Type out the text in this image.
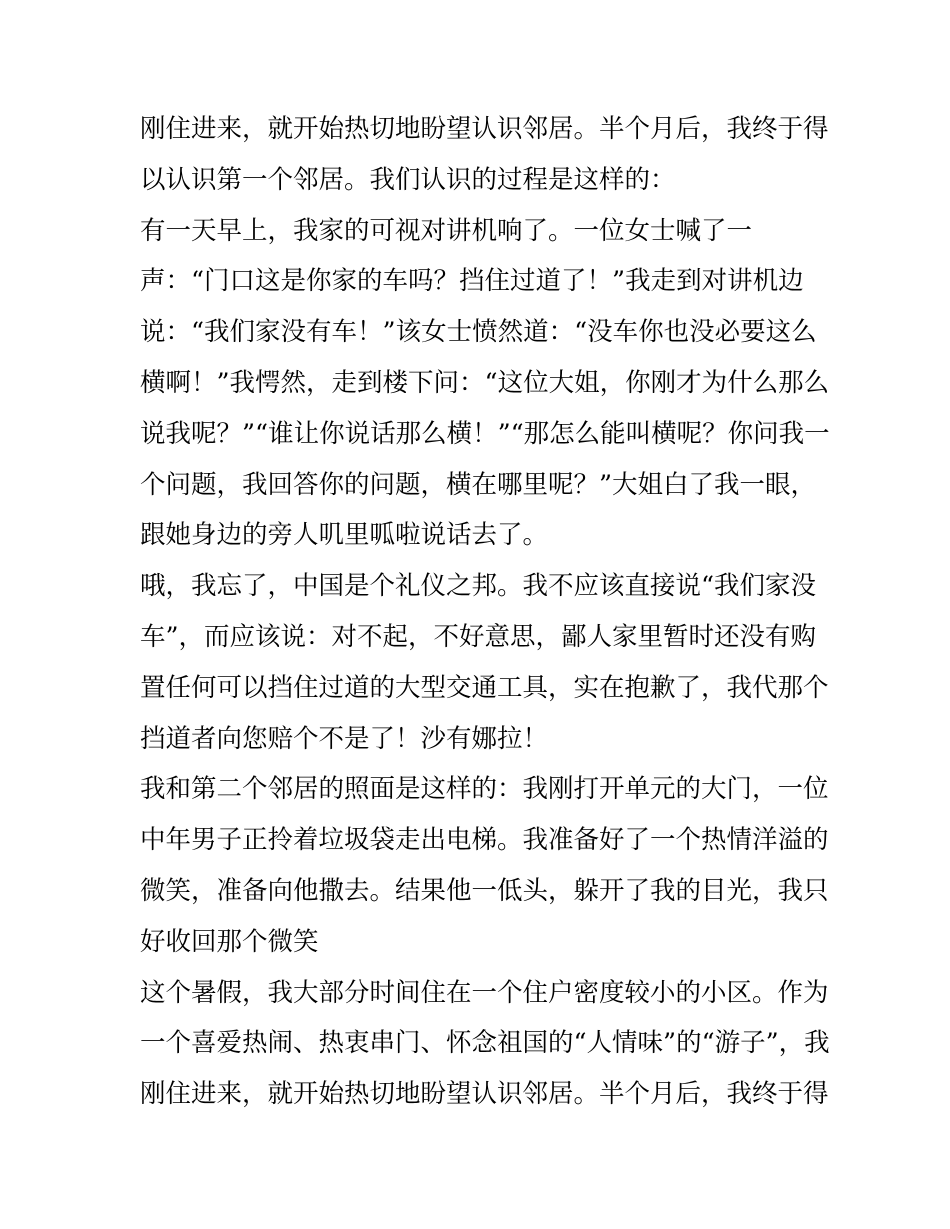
刚住进来，就开始热切地盼望认识邻居。半个月后，我终于得
以认识第一个邻居。我们认识的过程是这样的：
有一天早上，我家的可视对讲机响了。一位女士喊了一
声：“门口这是你家的车吗？挡住过道了！”我走到对讲机边
说：“我们家没有车！”该女士愤然道：“没车你也没必要这么
横啊！”我愕然，走到楼下问：“这位大姐，你刚才为什么那么
说我呢？”“谁让你说话那么横！”“那怎么能叫横呢？你问我一
个问题，我回答你的问题，横在哪里呢？”大姐白了我一眼，
跟她身边的旁人叽里呱啦说话去了。
哦，我忘了，中国是个礼仪之邦。我不应该直接说“我们家没
车”，而应该说：对不起，不好意思，鄙人家里暂时还没有购
置任何可以挡住过道的大型交通工具，实在抱歉了，我代那个
挡道者向您赔个不是了！沙有娜拉！
我和第二个邻居的照面是这样的：我刚打开单元的大门，一位
中年男子正拎着垃圾袋走出电梯。我准备好了一个热情洋溢的
微笑，准备向他撒去。结果他一低头，躲开了我的目光，我只
好收回那个微笑
这个暑假，我大部分时间住在一个住户密度较小的小区。作为
一个喜爱热闹、热衷串门、怀念祖国的“人情味”的“游子”，我
刚住进来，就开始热切地盼望认识邻居。半个月后，我终于得
